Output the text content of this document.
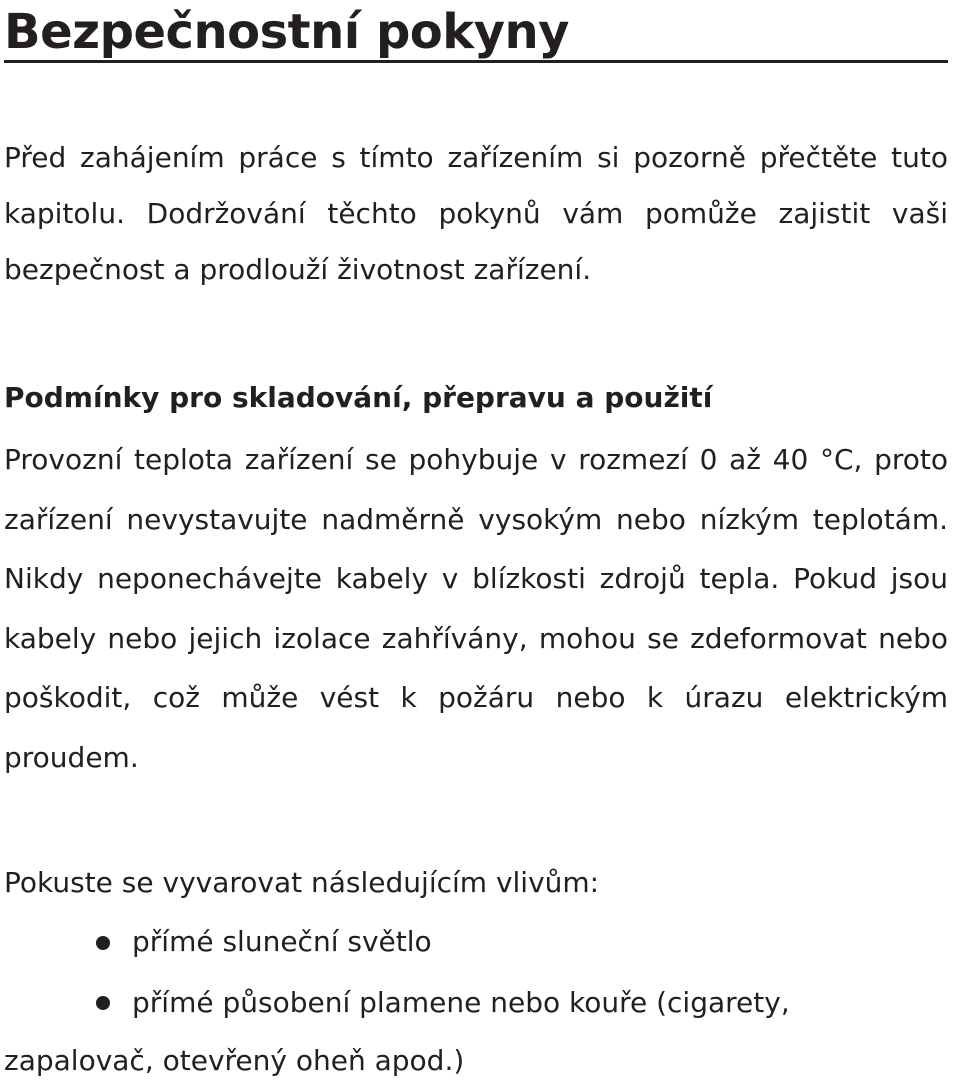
Bezpečnostní pokyny

Před zahájením práce s tímto zařízením si pozorně přečtěte tuto kapitolu. Dodržování těchto pokynů vám pomůže zajistit vaši bezpečnost a prodlouží životnost zařízení.

Podmínky pro skladování, přepravu a použití

Provozní teplota zařízení se pohybuje v rozmezí 0 až 40 °C, proto zařízení nevystavujte nadměrně vysokým nebo nízkým teplotám. Nikdy neponechávejte kabely v blízkosti zdrojů tepla. Pokud jsou kabely nebo jejich izolace zahřívány, mohou se zdeformovat nebo poškodit, což může vést k požáru nebo k úrazu elektrickým proudem.

Pokuste se vyvarovat následujícím vlivům:

přímé sluneční světlo
přímé působení plamene nebo kouře (cigarety, zapalovač, otevřený oheň apod.)
